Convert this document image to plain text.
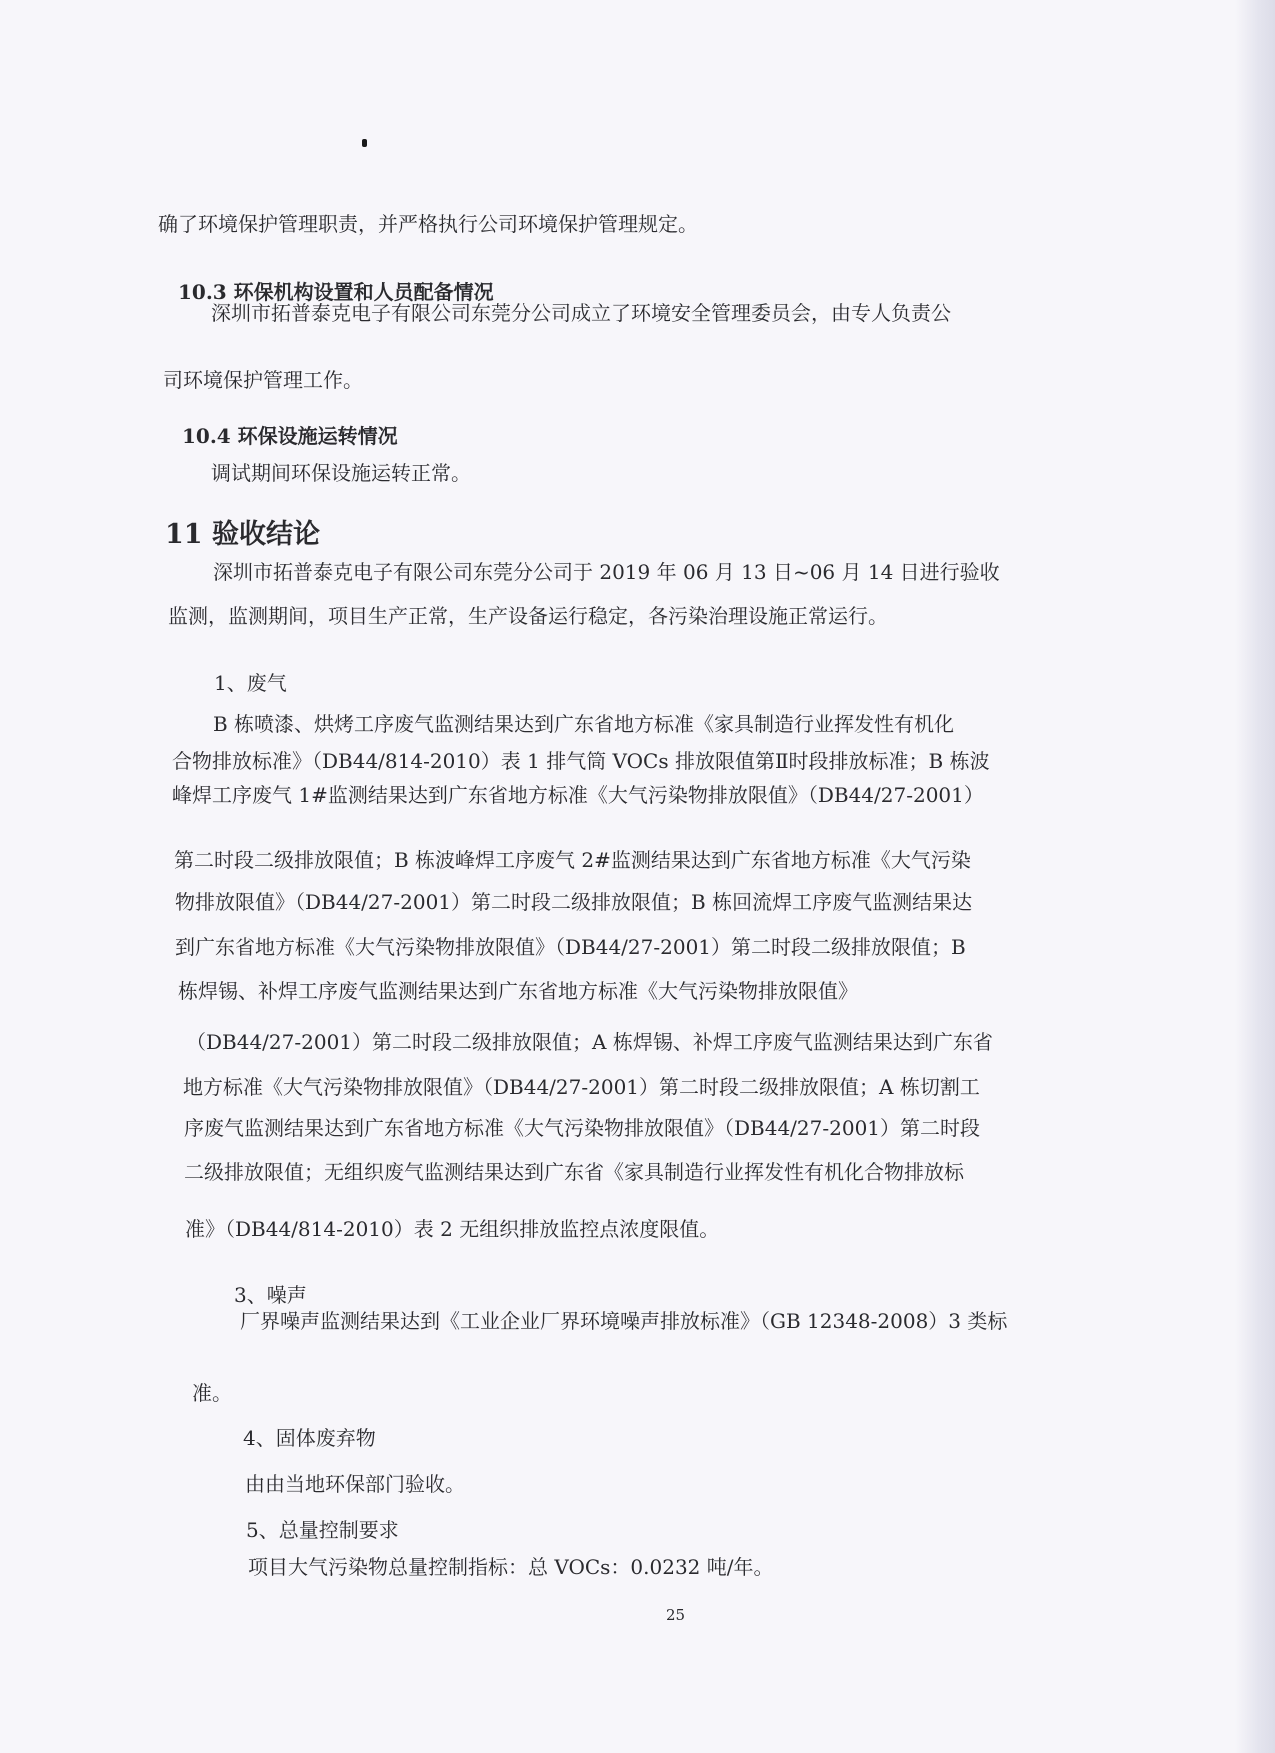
确了环境保护管理职责，并严格执行公司环境保护管理规定。
10.3 环保机构设置和人员配备情况
深圳市拓普泰克电子有限公司东莞分公司成立了环境安全管理委员会，由专人负责公
司环境保护管理工作。
10.4 环保设施运转情况
调试期间环保设施运转正常。
11 验收结论
深圳市拓普泰克电子有限公司东莞分公司于 2019 年 06 月 13 日~06 月 14 日进行验收
监测，监测期间，项目生产正常，生产设备运行稳定，各污染治理设施正常运行。
1、废气
B 栋喷漆、烘烤工序废气监测结果达到广东省地方标准《家具制造行业挥发性有机化
合物排放标准》（DB44/814-2010）表 1 排气筒 VOCs 排放限值第Ⅱ时段排放标准；B 栋波
峰焊工序废气 1#监测结果达到广东省地方标准《大气污染物排放限值》（DB44/27-2001）
第二时段二级排放限值；B 栋波峰焊工序废气 2#监测结果达到广东省地方标准《大气污染
物排放限值》（DB44/27-2001）第二时段二级排放限值；B 栋回流焊工序废气监测结果达
到广东省地方标准《大气污染物排放限值》（DB44/27-2001）第二时段二级排放限值；B
栋焊锡、补焊工序废气监测结果达到广东省地方标准《大气污染物排放限值》
（DB44/27-2001）第二时段二级排放限值；A 栋焊锡、补焊工序废气监测结果达到广东省
地方标准《大气污染物排放限值》（DB44/27-2001）第二时段二级排放限值；A 栋切割工
序废气监测结果达到广东省地方标准《大气污染物排放限值》（DB44/27-2001）第二时段
二级排放限值；无组织废气监测结果达到广东省《家具制造行业挥发性有机化合物排放标
准》（DB44/814-2010）表 2 无组织排放监控点浓度限值。
3、噪声
厂界噪声监测结果达到《工业企业厂界环境噪声排放标准》（GB 12348-2008）3 类标
准。
4、固体废弃物
由由当地环保部门验收。
5、总量控制要求
项目大气污染物总量控制指标：总 VOCs：0.0232 吨/年。
25
